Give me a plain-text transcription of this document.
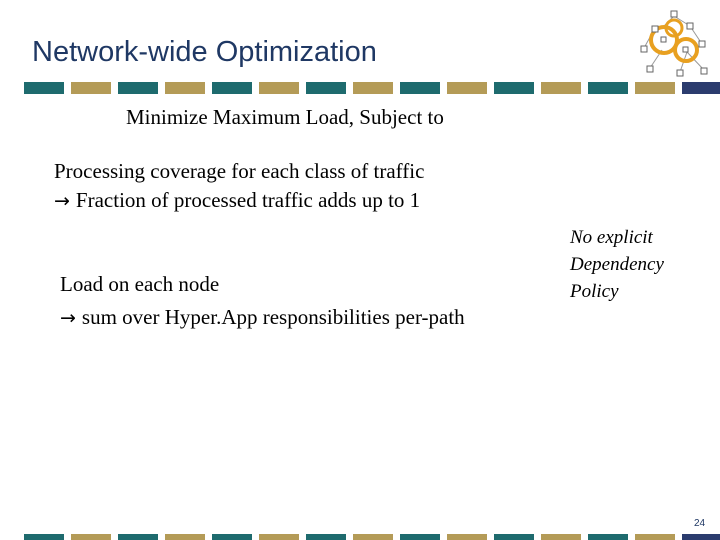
Network-wide Optimization
Minimize Maximum Load, Subject to
Processing coverage for each class of traffic
→ Fraction of processed traffic adds up to 1
Load on each node
→ sum over Hyper.App responsibilities per-path
No explicit
Dependency
Policy
24
